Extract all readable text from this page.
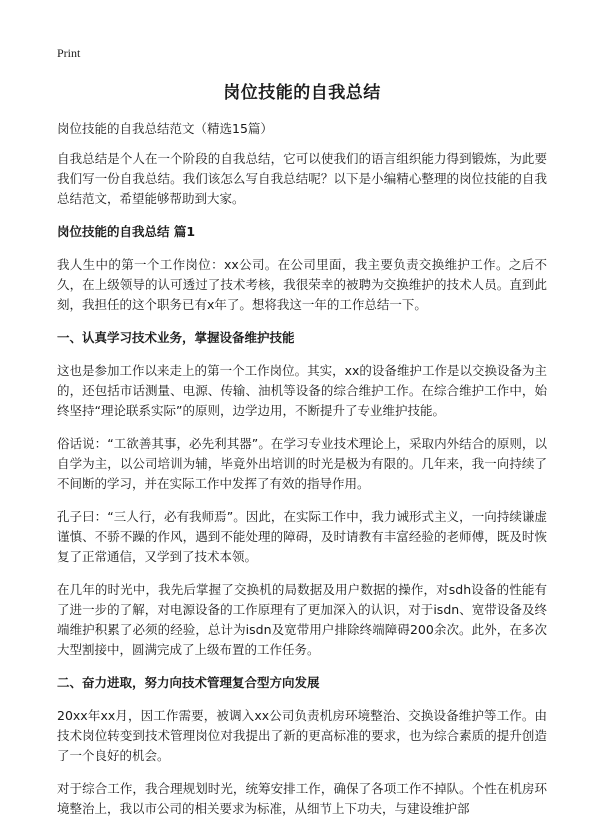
Print
岗位技能的自我总结
岗位技能的自我总结范文（精选15篇）

自我总结是个人在一个阶段的自我总结，它可以使我们的语言组织能力得到锻炼，为此要我们写一份自我总结。我们该怎么写自我总结呢？以下是小编精心整理的岗位技能的自我总结范文，希望能够帮助到大家。

岗位技能的自我总结 篇1

我人生中的第一个工作岗位：xx公司。在公司里面，我主要负责交换维护工作。之后不久，在上级领导的认可透过了技术考核，我很荣幸的被聘为交换维护的技术人员。直到此刻，我担任的这个职务已有x年了。想将我这一年的工作总结一下。

一、认真学习技术业务，掌握设备维护技能

这也是参加工作以来走上的第一个工作岗位。其实，xx的设备维护工作是以交换设备为主的，还包括市话测量、电源、传输、油机等设备的综合维护工作。在综合维护工作中，始终坚持“理论联系实际”的原则，边学边用，不断提升了专业维护技能。

俗话说：“工欲善其事，必先利其器”。在学习专业技术理论上，采取内外结合的原则，以自学为主，以公司培训为辅，毕竟外出培训的时光是极为有限的。几年来，我一向持续了不间断的学习，并在实际工作中发挥了有效的指导作用。

孔子曰：“三人行，必有我师焉”。因此，在实际工作中，我力诫形式主义，一向持续谦虚谨慎、不骄不躁的作风，遇到不能处理的障碍，及时请教有丰富经验的老师傅，既及时恢复了正常通信，又学到了技术本领。

在几年的时光中，我先后掌握了交换机的局数据及用户数据的操作，对sdh设备的性能有了进一步的了解，对电源设备的工作原理有了更加深入的认识，对于isdn、宽带设备及终端维护积累了必须的经验，总计为isdn及宽带用户排除终端障碍200余次。此外，在多次大型割接中，圆满完成了上级布置的工作任务。

二、奋力进取，努力向技术管理复合型方向发展

20xx年xx月，因工作需要，被调入xx公司负责机房环境整治、交换设备维护等工作。由技术岗位转变到技术管理岗位对我提出了新的更高标准的要求，也为综合素质的提升创造了一个良好的机会。

对于综合工作，我合理规划时光，统筹安排工作，确保了各项工作不掉队。个性在机房环境整治上，我以市公司的相关要求为标准，从细节上下功夫，与建设维护部
